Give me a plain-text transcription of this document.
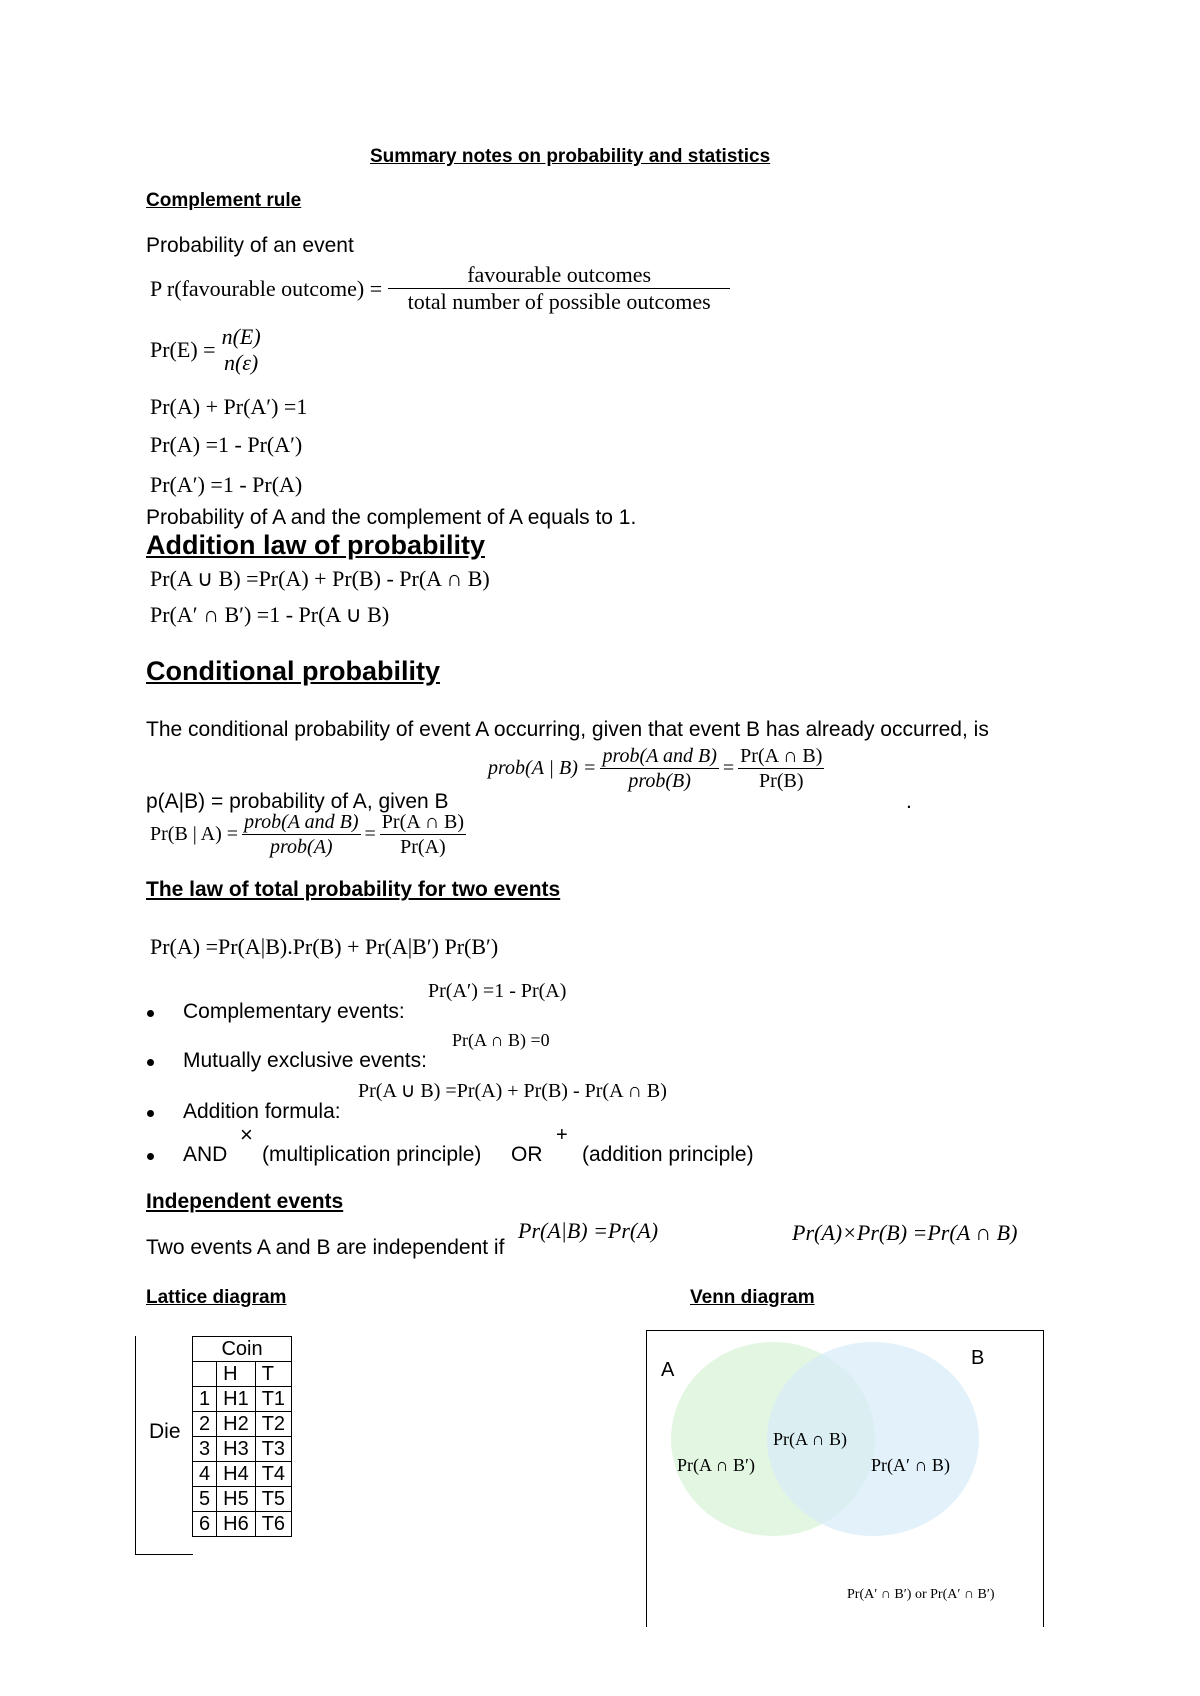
Summary notes on probability and statistics
Complement rule
Probability of an event
P r(favourable outcome) = $\frac{\text{favourable outcomes}}{\text{total number of possible outcomes}}$
Pr(E) =
n(E)
n(ε)
Pr(A) + Pr(A′) =1
Pr(A) =1 - Pr(A′)
Pr(A′) =1 - Pr(A)
Probability of A and the complement of A equals to 1.
Addition law of probability
Pr(A ∪ B) =Pr(A) + Pr(B) - Pr(A ∩ B)
Pr(A′ ∩ B′) =1 - Pr(A ∪ B)
Conditional probability
The conditional probability of event A occurring, given that event B has already occurred, is
prob(A | $B) = \frac{\text{prob(A and B)}}{\text{prob(B)}} = \frac{Pr(A \cap B)}{Pr(B)}$
p(A|B) = probability of A, given B	.
Pr(B | $A) = \frac{\text{prob(A and B)}}{\text{prob(A)}} = \frac{Pr(A \cap B)}{Pr(A)}$
The law of total probability for two events
Pr(A) =Pr(A|B).Pr(B) + Pr(A|B′) Pr(B′)
Pr(A′) =1 - Pr(A)
Complementary events:
Pr(A ∩ B) =0
Mutually exclusive events:
Pr(A ∪ B) =Pr(A) + Pr(B) - Pr(A ∩ B)
Addition formula:
AND
×
(multiplication principle) OR
+
(addition principle)
Independent events
Two events A and B are independent if
Pr(A|B) =Pr(A)	Pr(A)×Pr(B) =Pr(A ∩ B)
Lattice diagram
Die
Coin		
	H	T
1	H1	T1
2	H2	T2
3	H3	T3
4	H4	T4
5	H5	T5
6	H6	T6
Venn diagram
A
B
Pr(A ∩ B)
Pr(A ∩ B′)	Pr(A′ ∩ B)
Pr(A′ ∩ B′) or Pr(A′ ∩ B′)
